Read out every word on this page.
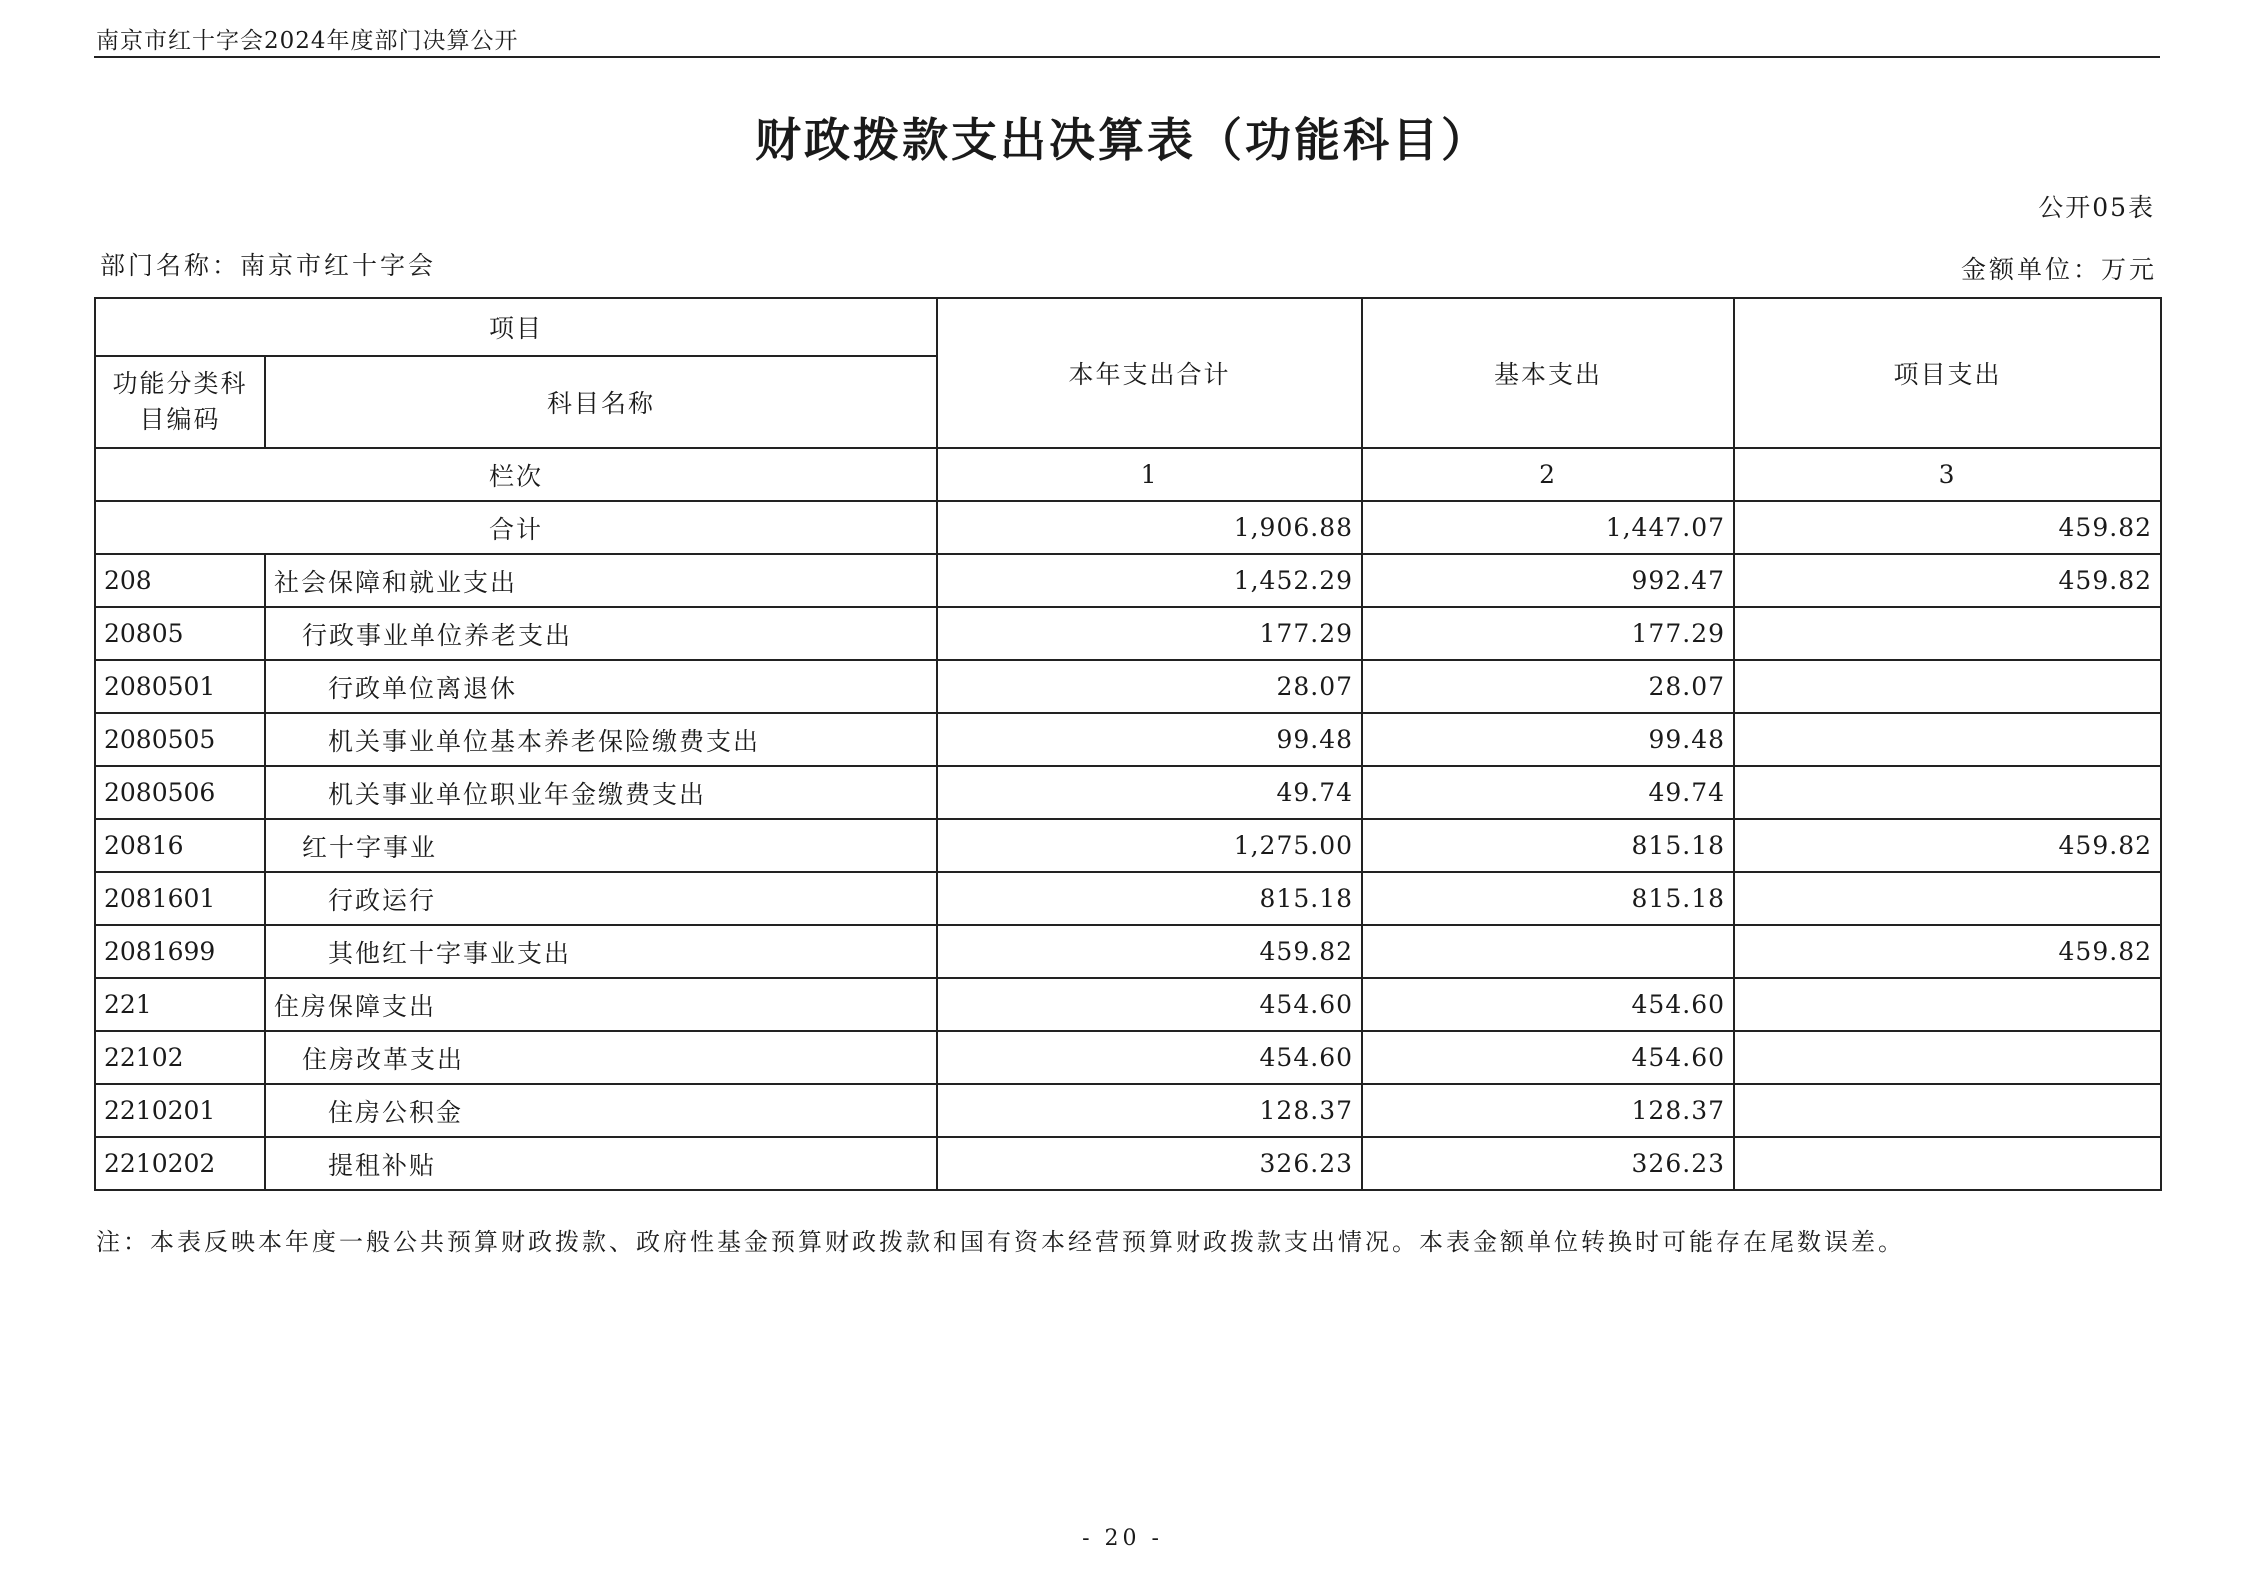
南京市红十字会2024年度部门决算公开
财政拨款支出决算表（功能科目）
公开05表
部门名称：南京市红十字会	金额单位：万元
项目		本年支出合计	基本支出	项目支出
功能分类科目编码	科目名称			
栏次		1	2	3
合计		1,906.88	1,447.07	459.82
208	社会保障和就业支出	1,452.29	992.47	459.82
20805	行政事业单位养老支出	177.29	177.29	
2080501	行政单位离退休	28.07	28.07	
2080505	机关事业单位基本养老保险缴费支出	99.48	99.48	
2080506	机关事业单位职业年金缴费支出	49.74	49.74	
20816	红十字事业	1,275.00	815.18	459.82
2081601	行政运行	815.18	815.18	
2081699	其他红十字事业支出	459.82		459.82
221	住房保障支出	454.60	454.60	
22102	住房改革支出	454.60	454.60	
2210201	住房公积金	128.37	128.37	
2210202	提租补贴	326.23	326.23	
注：本表反映本年度一般公共预算财政拨款、政府性基金预算财政拨款和国有资本经营预算财政拨款支出情况。本表金额单位转换时可能存在尾数误差。
- 20 -
